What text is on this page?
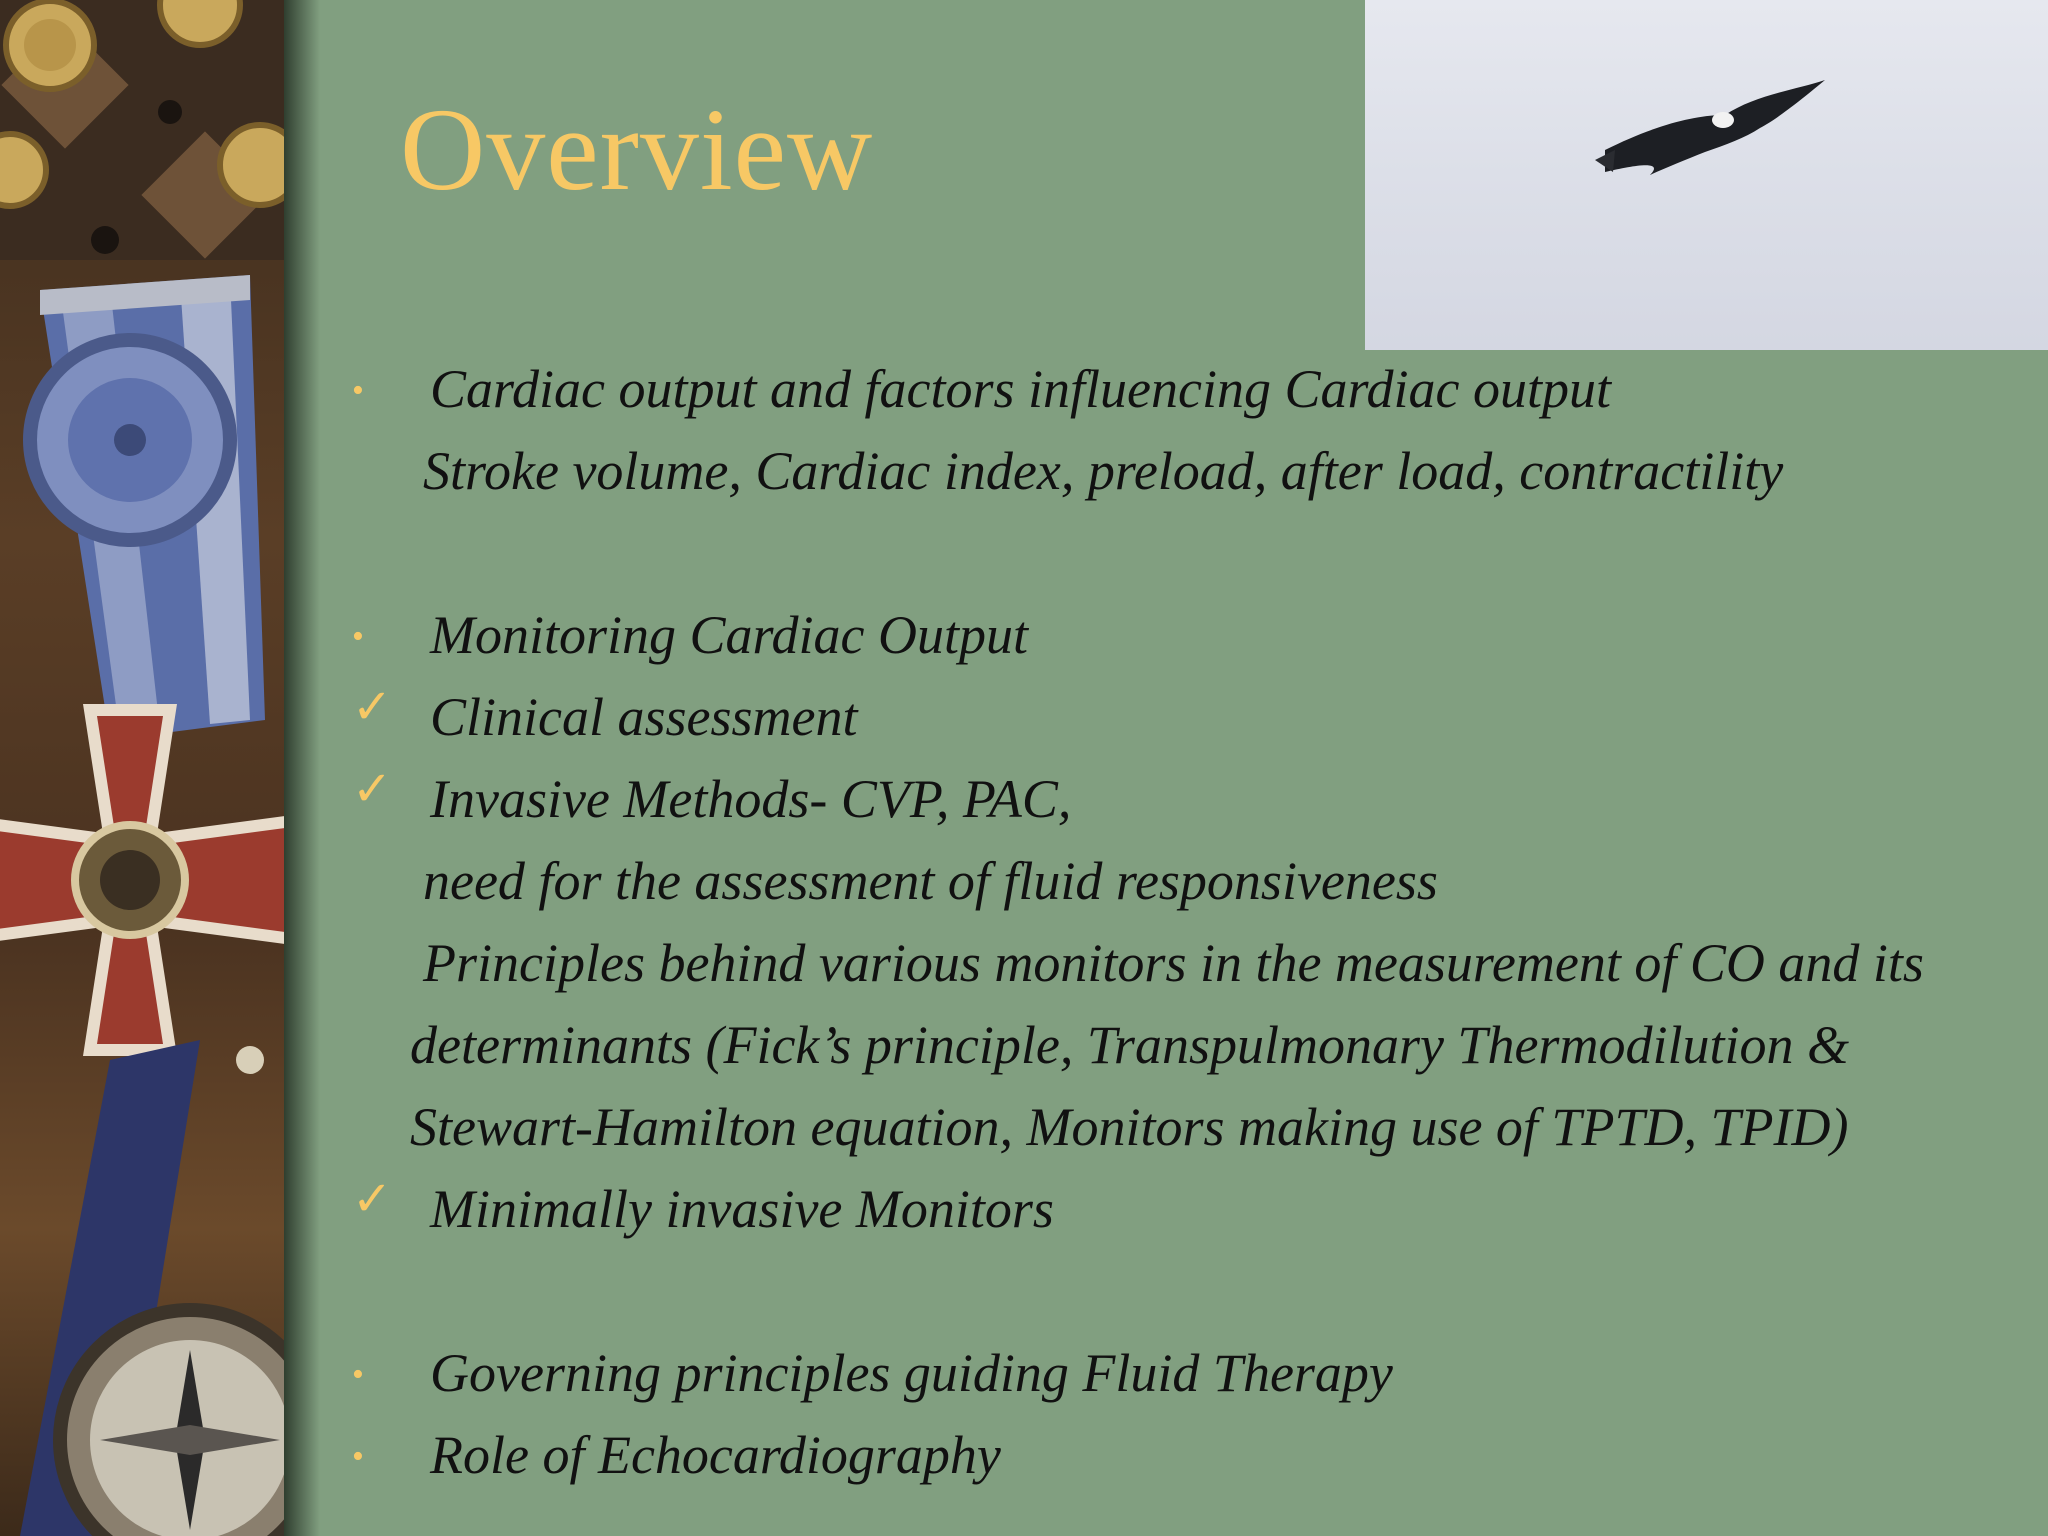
Overview
• Cardiac output and factors influencing Cardiac output
Stroke volume, Cardiac index, preload, after load, contractility
• Monitoring Cardiac Output
✓ Clinical assessment
✓ Invasive Methods- CVP, PAC,
need for the assessment of fluid responsiveness
Principles behind various monitors in the measurement of CO and its
determinants (Fick’s principle, Transpulmonary Thermodilution &
Stewart-Hamilton equation, Monitors making use of TPTD, TPID)
✓ Minimally invasive Monitors
• Governing principles guiding Fluid Therapy
• Role of Echocardiography
